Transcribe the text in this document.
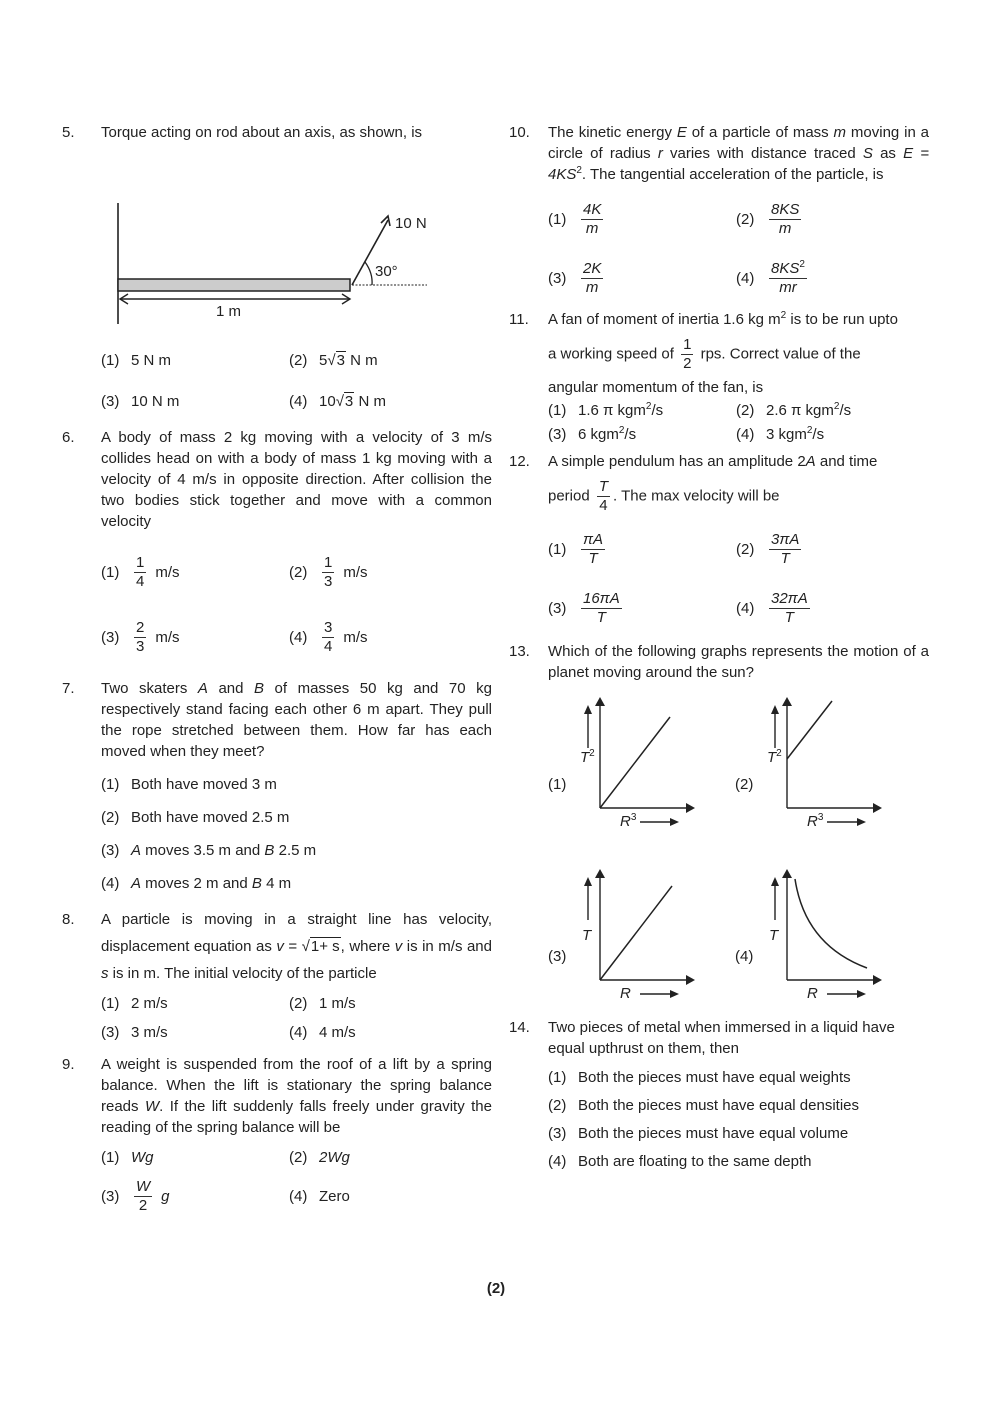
5. Torque acting on rod about an axis, as shown, is
10 N
30°
1 m
(1) 5 N m	(2) 5√3 N m
(3) 10 N m	(4) 10√3 N m
6. A body of mass 2 kg moving with a velocity of 3 m/s collides head on with a body of mass 1 kg moving with a velocity of 4 m/s in opposite direction. After collision the two bodies stick together and move with a common velocity
$(1) \frac{1}{4} m/s$	$(2) \frac{1}{3} m/s$
$(3) \frac{2}{3} m/s$	$(4) \frac{3}{4} m/s$
7. Two skaters A and B of masses 50 kg and 70 kg respectively stand facing each other 6 m apart. They pull the rope stretched between them. How far has each moved when they meet?
(1) Both have moved 3 m
(2) Both have moved 2.5 m
(3) A moves 3.5 m and B 2.5 m
(4) A moves 2 m and B 4 m
8. A particle is moving in a straight line has velocity, displacement equation as v = √1+ s, where v is in m/s and s is in m. The initial velocity of the particle
(1) 2 m/s	(2) 1 m/s
(3) 3 m/s	(4) 4 m/s
9. A weight is suspended from the roof of a lift by a spring balance. When the lift is stationary the spring balance reads W. If the lift suddenly falls freely under gravity the reading of the spring balance will be
(1) Wg	(2) 2Wg
$(3) \frac{W}{2}$ g	(4) Zero
10. The kinetic energy E of a particle of mass m moving in a circle of radius r varies with distance traced S as $E = 4KS^2$. The tangential acceleration of the particle, is
$(1) \frac{4K}{m}$	$(2) \frac{8KS}{m}$
$(3) \frac{2K}{m}$	$(4) \frac{8KS^2}{mr}$
11. A fan of moment of inertia 1.6 kg $m^2$ is to be run upto
a working speed of $\frac{1}{2}$ rps. Correct value of the
angular momentum of the fan, is
(1) 1.6 π kgm$^2$/s	(2) 2.6 π kgm$^2$/s
(3) 6 kgm$^2$/s	(4) 3 kgm$^2$/s
12. A simple pendulum has an amplitude 2A and time
period $\frac{T}{4}$ . The max velocity will be
$(1) \frac{\pi A}{T}$	$(2) \frac{3\pi A}{T}$
$(3) \frac{16\pi A}{T}$	$(4) \frac{32\pi A}{T}$
13. Which of the following graphs represents the motion of a planet moving around the sun?
(1)
$T^2$
$R^3$
(2)
$T^2$
$R^3$
(3)
T
R
(4)
T
R
14. Two pieces of metal when immersed in a liquid have equal upthrust on them, then
(1) Both the pieces must have equal weights
(2) Both the pieces must have equal densities
(3) Both the pieces must have equal volume
(4) Both are floating to the same depth
(2)
